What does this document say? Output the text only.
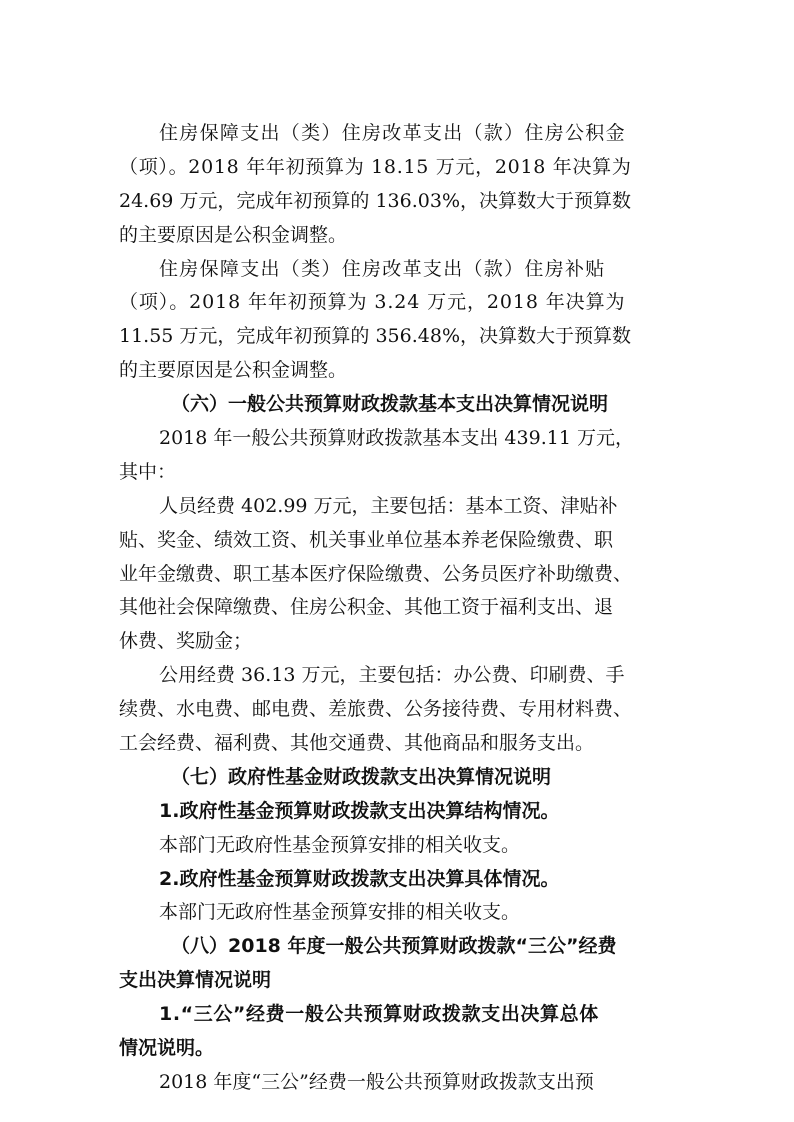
住房保障支出（类）住房改革支出（款）住房公积金
（项）。2018 年年初预算为 18.15 万元，2018 年决算为
24.69 万元，完成年初预算的 136.03%，决算数大于预算数
的主要原因是公积金调整。
住房保障支出（类）住房改革支出（款）住房补贴
（项）。2018 年年初预算为 3.24 万元，2018 年决算为
11.55 万元，完成年初预算的 356.48%，决算数大于预算数
的主要原因是公积金调整。
（六）一般公共预算财政拨款基本支出决算情况说明
2018 年一般公共预算财政拨款基本支出 439.11 万元，
其中：
人员经费 402.99 万元，主要包括：基本工资、津贴补
贴、奖金、绩效工资、机关事业单位基本养老保险缴费、职
业年金缴费、职工基本医疗保险缴费、公务员医疗补助缴费、
其他社会保障缴费、住房公积金、其他工资于福利支出、退
休费、奖励金；
公用经费 36.13 万元，主要包括：办公费、印刷费、手
续费、水电费、邮电费、差旅费、公务接待费、专用材料费、
工会经费、福利费、其他交通费、其他商品和服务支出。
（七）政府性基金财政拨款支出决算情况说明
1.政府性基金预算财政拨款支出决算结构情况。
本部门无政府性基金预算安排的相关收支。
2.政府性基金预算财政拨款支出决算具体情况。
本部门无政府性基金预算安排的相关收支。
（八）2018 年度一般公共预算财政拨款“三公”经费
支出决算情况说明
1.“三公”经费一般公共预算财政拨款支出决算总体
情况说明。
2018 年度“三公”经费一般公共预算财政拨款支出预
